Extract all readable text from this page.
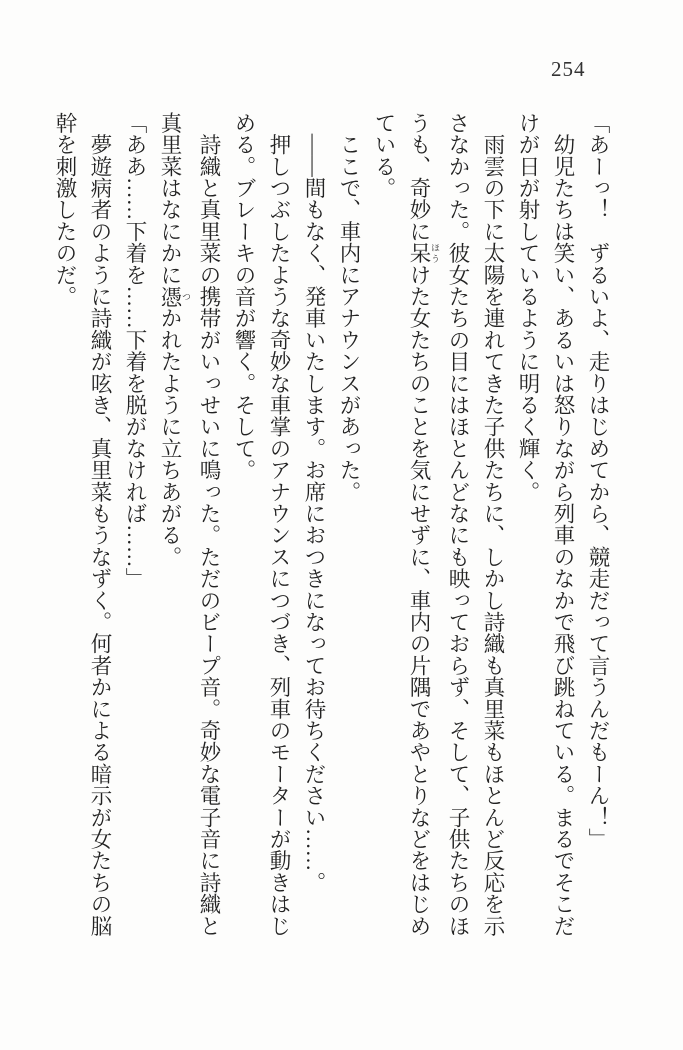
254
「あーっ！　ずるいよ、走りはじめてから、競走だって言うんだもーん！」
　幼児たちは笑い、あるいは怒りながら列車のなかで飛び跳ねている。まるでそこだ
けが日が射しているように明るく輝く。
　雨雲の下に太陽を連れてきた子供たちに、しかし詩織も真里菜もほとんど反応を示
さなかった。彼女たちの目にはほとんどなにも映っておらず、そして、子供たちのほ
うも、奇妙に呆 ほうけた女たちのことを気にせずに、車内の片隅であやとりなどをはじめ
ている。
　ここで、車内にアナウンスがあった。
　——間もなく、発車いたします。お席におつきになってお待ちください……。
　押しつぶしたような奇妙な車掌のアナウンスにつづき、列車のモーターが動きはじ
める。ブレーキの音が響く。そして。
　詩織と真里菜の携帯がいっせいに鳴った。ただのビープ音。奇妙な電子音に詩織と
真里菜はなにかに憑 つかれたように立ちあがる。
「ああ……下着を……下着を脱がなければ……」
　夢遊病者のように詩織が呟き、真里菜もうなずく。何者かによる暗示が女たちの脳
幹を刺激したのだ。
